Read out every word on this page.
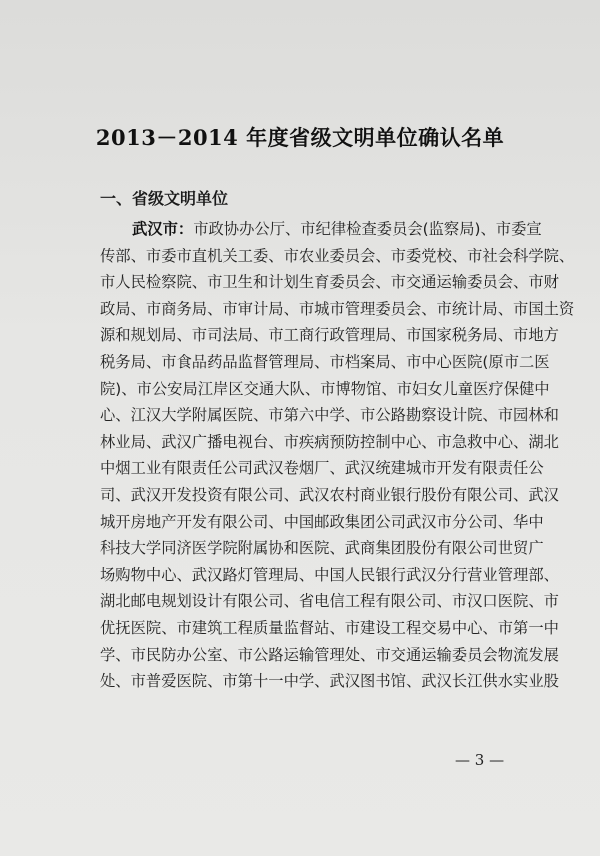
2013－2014 年度省级文明单位确认名单
一、省级文明单位
武汉市：市政协办公厅、市纪律检查委员会(监察局)、市委宣
传部、市委市直机关工委、市农业委员会、市委党校、市社会科学院、
市人民检察院、市卫生和计划生育委员会、市交通运输委员会、市财
政局、市商务局、市审计局、市城市管理委员会、市统计局、市国土资
源和规划局、市司法局、市工商行政管理局、市国家税务局、市地方
税务局、市食品药品监督管理局、市档案局、市中心医院(原市二医
院)、市公安局江岸区交通大队、市博物馆、市妇女儿童医疗保健中
心、江汉大学附属医院、市第六中学、市公路勘察设计院、市园林和
林业局、武汉广播电视台、市疾病预防控制中心、市急救中心、湖北
中烟工业有限责任公司武汉卷烟厂、武汉统建城市开发有限责任公
司、武汉开发投资有限公司、武汉农村商业银行股份有限公司、武汉
城开房地产开发有限公司、中国邮政集团公司武汉市分公司、华中
科技大学同济医学院附属协和医院、武商集团股份有限公司世贸广
场购物中心、武汉路灯管理局、中国人民银行武汉分行营业管理部、
湖北邮电规划设计有限公司、省电信工程有限公司、市汉口医院、市
优抚医院、市建筑工程质量监督站、市建设工程交易中心、市第一中
学、市民防办公室、市公路运输管理处、市交通运输委员会物流发展
处、市普爱医院、市第十一中学、武汉图书馆、武汉长江供水实业股
— 3 —
